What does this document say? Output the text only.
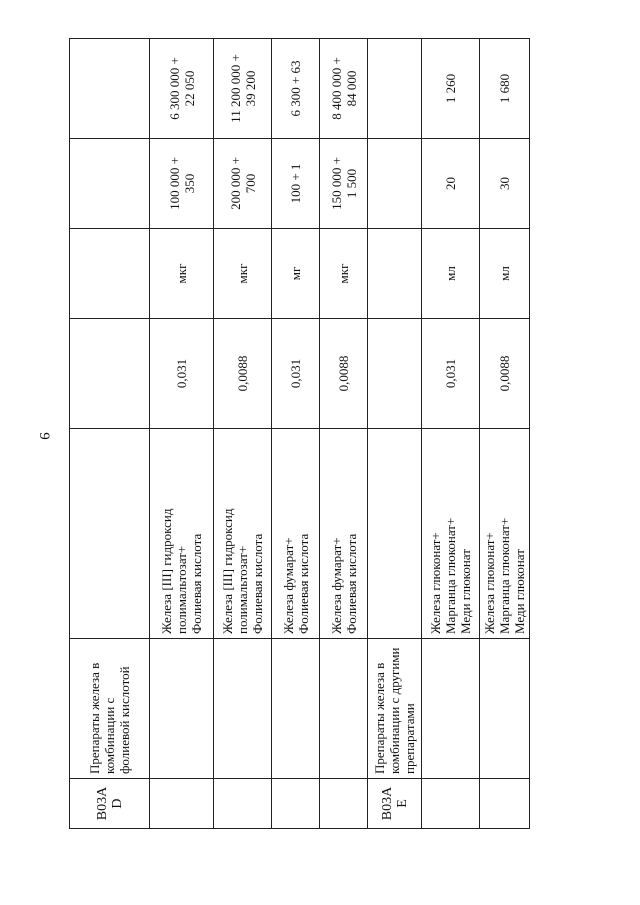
9
B03AD	Препараты железа в комбинации с фолиевой кислотой					

		Железа [III] гидроксид полимальтозат+ Фолиевая кислота	0,031	мкг	100 000 + 350	6 300 000 + 22 050

		Железа [III] гидроксид полимальтозат+ Фолиевая кислота	0,0088	мкг	200 000 + 700	11 200 000 + 39 200

		Железа фумарат+ Фолиевая кислота	0,031	мг	100 + 1	6 300 + 63

		Железа фумарат+ Фолиевая кислота	0,0088	мкг	150 000 + 1 500	8 400 000 + 84 000

B03AE	Препараты железа в комбинации с другими препаратами					

		Железа глюконат+ Марганца глюконат+ Меди глюконат	0,031	мл	20	1 260

		Железа глюконат+ Марганца глюконат+ Меди глюконат	0,0088	мл	30	1 680
